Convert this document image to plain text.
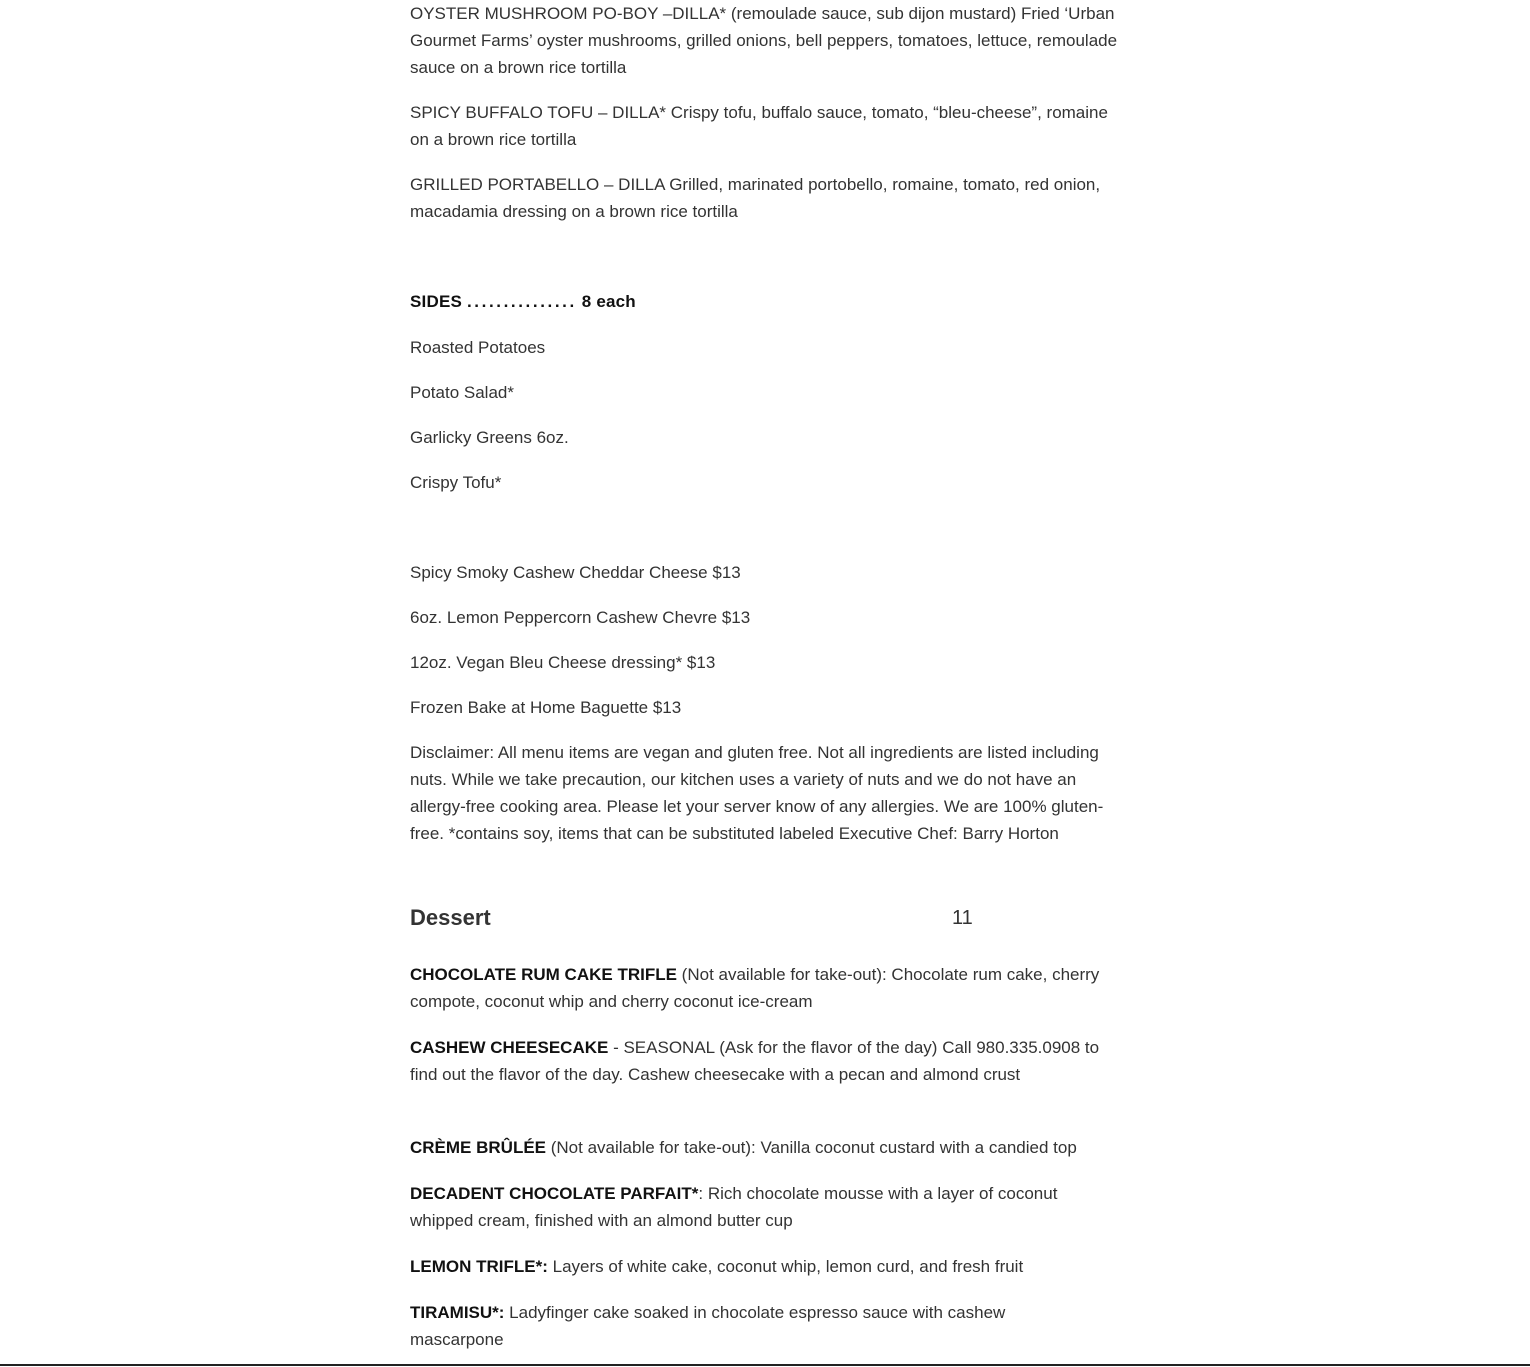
OYSTER MUSHROOM PO-BOY –DILLA* (remoulade sauce, sub dijon mustard) Fried ‘Urban Gourmet Farms’ oyster mushrooms, grilled onions, bell peppers, tomatoes, lettuce, remoulade sauce on a brown rice tortilla

SPICY BUFFALO TOFU – DILLA* Crispy tofu, buffalo sauce, tomato, “bleu-cheese”, romaine on a brown rice tortilla

GRILLED PORTABELLO – DILLA Grilled, marinated portobello, romaine, tomato, red onion, macadamia dressing on a brown rice tortilla

SIDES ............... 8 each

Roasted Potatoes

Potato Salad*

Garlicky Greens 6oz.

Crispy Tofu*

Spicy Smoky Cashew Cheddar Cheese $13

6oz. Lemon Peppercorn Cashew Chevre $13

12oz. Vegan Bleu Cheese dressing* $13

Frozen Bake at Home Baguette $13

Disclaimer: All menu items are vegan and gluten free. Not all ingredients are listed including nuts. While we take precaution, our kitchen uses a variety of nuts and we do not have an allergy-free cooking area. Please let your server know of any allergies. We are 100% gluten-free. *contains soy, items that can be substituted labeled Executive Chef: Barry Horton

Dessert	11

CHOCOLATE RUM CAKE TRIFLE (Not available for take-out): Chocolate rum cake, cherry compote, coconut whip and cherry coconut ice-cream

CASHEW CHEESECAKE - SEASONAL (Ask for the flavor of the day) Call 980.335.0908 to find out the flavor of the day. Cashew cheesecake with a pecan and almond crust

CRÈME BRÛLÉE (Not available for take-out): Vanilla coconut custard with a candied top

DECADENT CHOCOLATE PARFAIT*: Rich chocolate mousse with a layer of coconut whipped cream, finished with an almond butter cup

LEMON TRIFLE*: Layers of white cake, coconut whip, lemon curd, and fresh fruit

TIRAMISU*: Ladyfinger cake soaked in chocolate espresso sauce with cashew mascarpone
